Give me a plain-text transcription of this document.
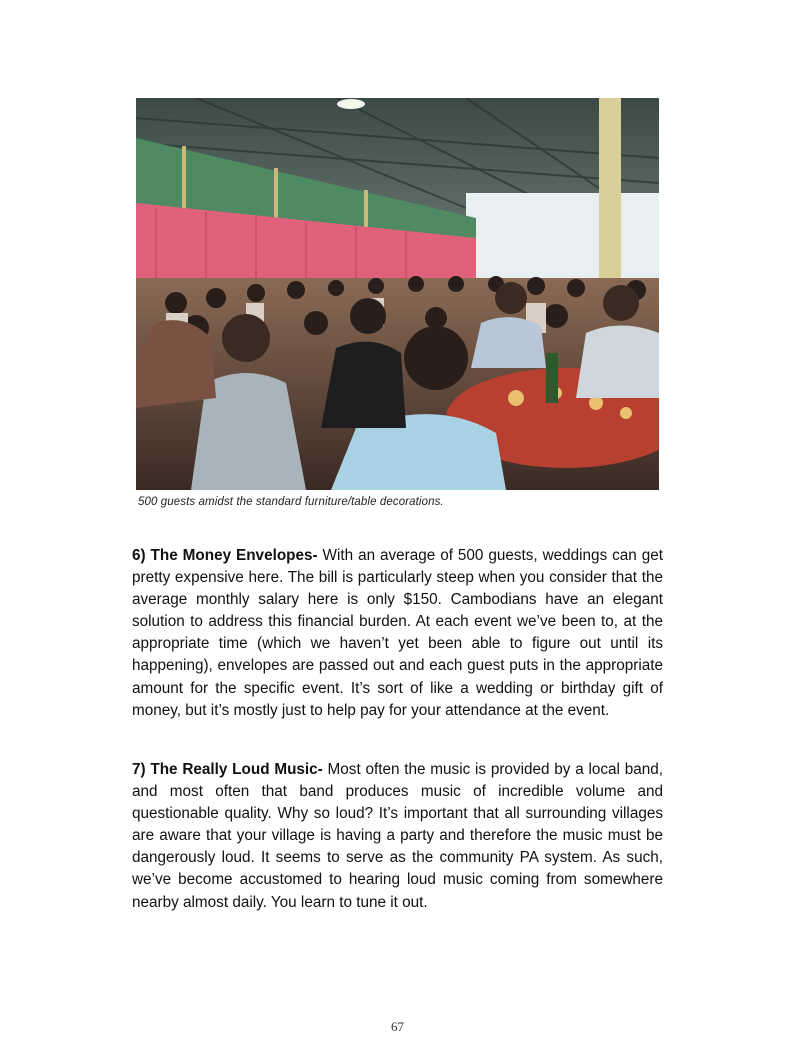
500 guests amidst the standard furniture/table decorations.

6) The Money Envelopes- With an average of 500 guests, weddings can get pretty expensive here. The bill is particularly steep when you consider that the average monthly salary here is only $150. Cambodians have an elegant solution to address this financial burden. At each event we’ve been to, at the appropriate time (which we haven’t yet been able to figure out until its happening), envelopes are passed out and each guest puts in the appropriate amount for the specific event. It’s sort of like a wedding or birthday gift of money, but it’s mostly just to help pay for your attendance at the event.

7) The Really Loud Music- Most often the music is provided by a local band, and most often that band produces music of incredible volume and questionable quality. Why so loud? It’s important that all surrounding villages are aware that your village is having a party and therefore the music must be dangerously loud. It seems to serve as the community PA system. As such, we’ve become accustomed to hearing loud music coming from somewhere nearby almost daily. You learn to tune it out.

67
